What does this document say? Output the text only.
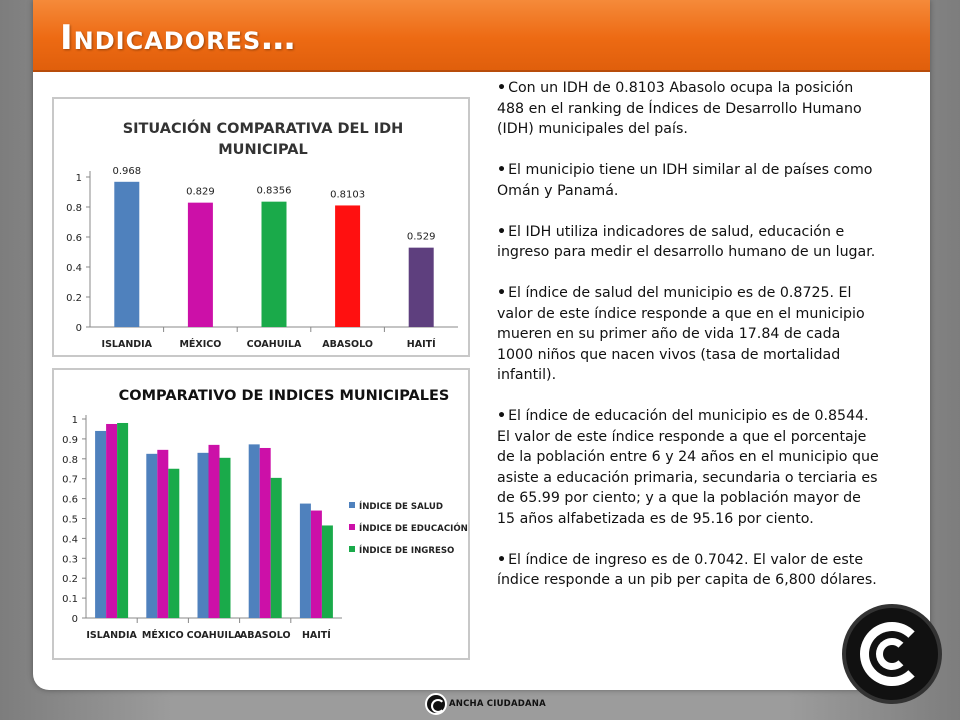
Indicadores…
SITUACIÓN COMPARATIVA DEL IDH
MUNICIPAL
0
0.2
0.4
0.6
0.8
1
0.968
ISLANDIA
0.829
MÉXICO
0.8356
COAHUILA
0.8103
ABASOLO
0.529
HAITÍ
COMPARATIVO DE INDICES MUNICIPALES
0
0.1
0.2
0.3
0.4
0.5
0.6
0.7
0.8
0.9
1
ISLANDIA MÉXICO COAHUILA
ABASOLO HAITÍ
ÍNDICE DE SALUD
ÍNDICE DE EDUCACIÓN
ÍNDICE DE INGRESO
• Con un IDH de 0.8103 Abasolo ocupa la posición 488 en el ranking de Índices de Desarrollo Humano (IDH) municipales del país.
• El municipio tiene un IDH similar al de países como Omán y Panamá.
• El IDH utiliza indicadores de salud, educación e ingreso para medir el desarrollo humano de un lugar.
• El índice de salud del municipio es de 0.8725. El valor de este índice responde a que en el municipio mueren en su primer año de vida 17.84 de cada 1000 niños que nacen vivos (tasa de mortalidad infantil).
• El índice de educación del municipio es de 0.8544. El valor de este índice responde a que el porcentaje de la población entre 6 y 24 años en el municipio que asiste a educación primaria, secundaria o terciaria es de 65.99 por ciento; y a que la población mayor de 15 años alfabetizada es de 95.16 por ciento.
• El índice de ingreso es de 0.7042. El valor de este índice responde a un pib per capita de 6,800 dólares.
ANCHA CIUDADANA
